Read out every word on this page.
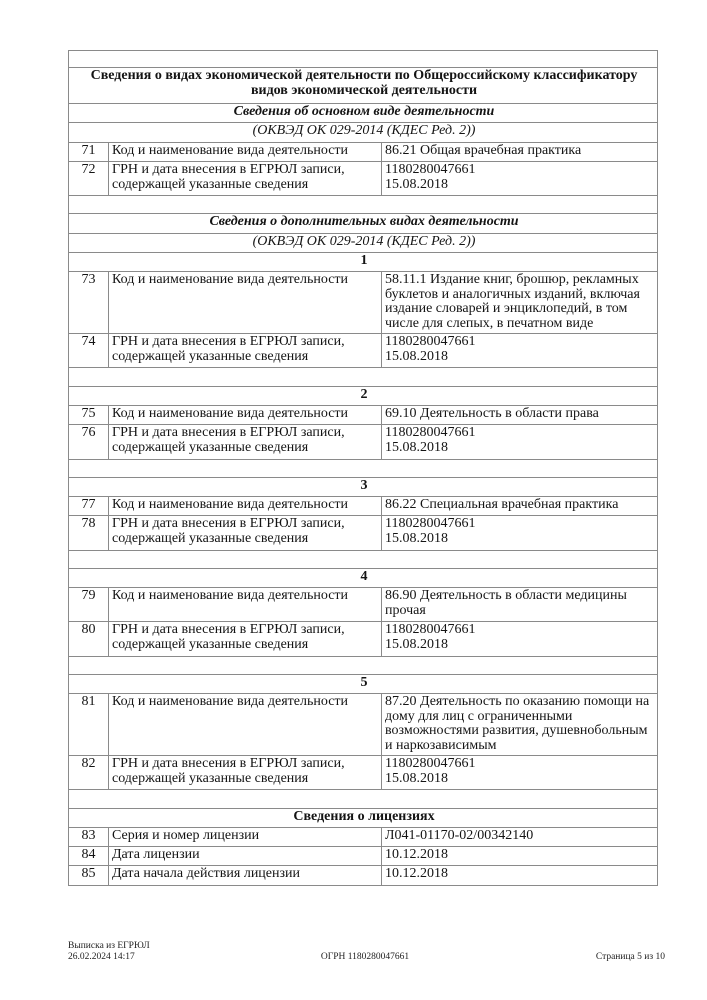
Сведения о видах экономической деятельности по Общероссийскому классификатору видов экономической деятельности		
Сведения об основном виде деятельности		
(ОКВЭД ОК 029-2014 (КДЕС Ред. 2))		
71	Код и наименование вида деятельности	86.21 Общая врачебная практика
72	ГРН и дата внесения в ЕГРЮЛ записи, содержащей указанные сведения	1180280047661
15.08.2018

Сведения о дополнительных видах деятельности		
(ОКВЭД ОК 029-2014 (КДЕС Ред. 2))		
1		
73	Код и наименование вида деятельности	58.11.1 Издание книг, брошюр, рекламных буклетов и аналогичных изданий, включая издание словарей и энциклопедий, в том числе для слепых, в печатном виде
74	ГРН и дата внесения в ЕГРЮЛ записи, содержащей указанные сведения	1180280047661
15.08.2018

2		
75	Код и наименование вида деятельности	69.10 Деятельность в области права
76	ГРН и дата внесения в ЕГРЮЛ записи, содержащей указанные сведения	1180280047661
15.08.2018

3		
77	Код и наименование вида деятельности	86.22 Специальная врачебная практика
78	ГРН и дата внесения в ЕГРЮЛ записи, содержащей указанные сведения	1180280047661
15.08.2018

4		
79	Код и наименование вида деятельности	86.90 Деятельность в области медицины прочая
80	ГРН и дата внесения в ЕГРЮЛ записи, содержащей указанные сведения	1180280047661
15.08.2018

5		
81	Код и наименование вида деятельности	87.20 Деятельность по оказанию помощи на дому для лиц с ограниченными возможностями развития, душевнобольным и наркозависимым
82	ГРН и дата внесения в ЕГРЮЛ записи, содержащей указанные сведения	1180280047661
15.08.2018

Сведения о лицензиях		
83	Серия и номер лицензии	Л041-01170-02/00342140
84	Дата лицензии	10.12.2018
85	Дата начала действия лицензии	10.12.2018
Выписка из ЕГРЮЛ
26.02.2024 14:17	ОГРН 1180280047661	Страница 5 из 10
